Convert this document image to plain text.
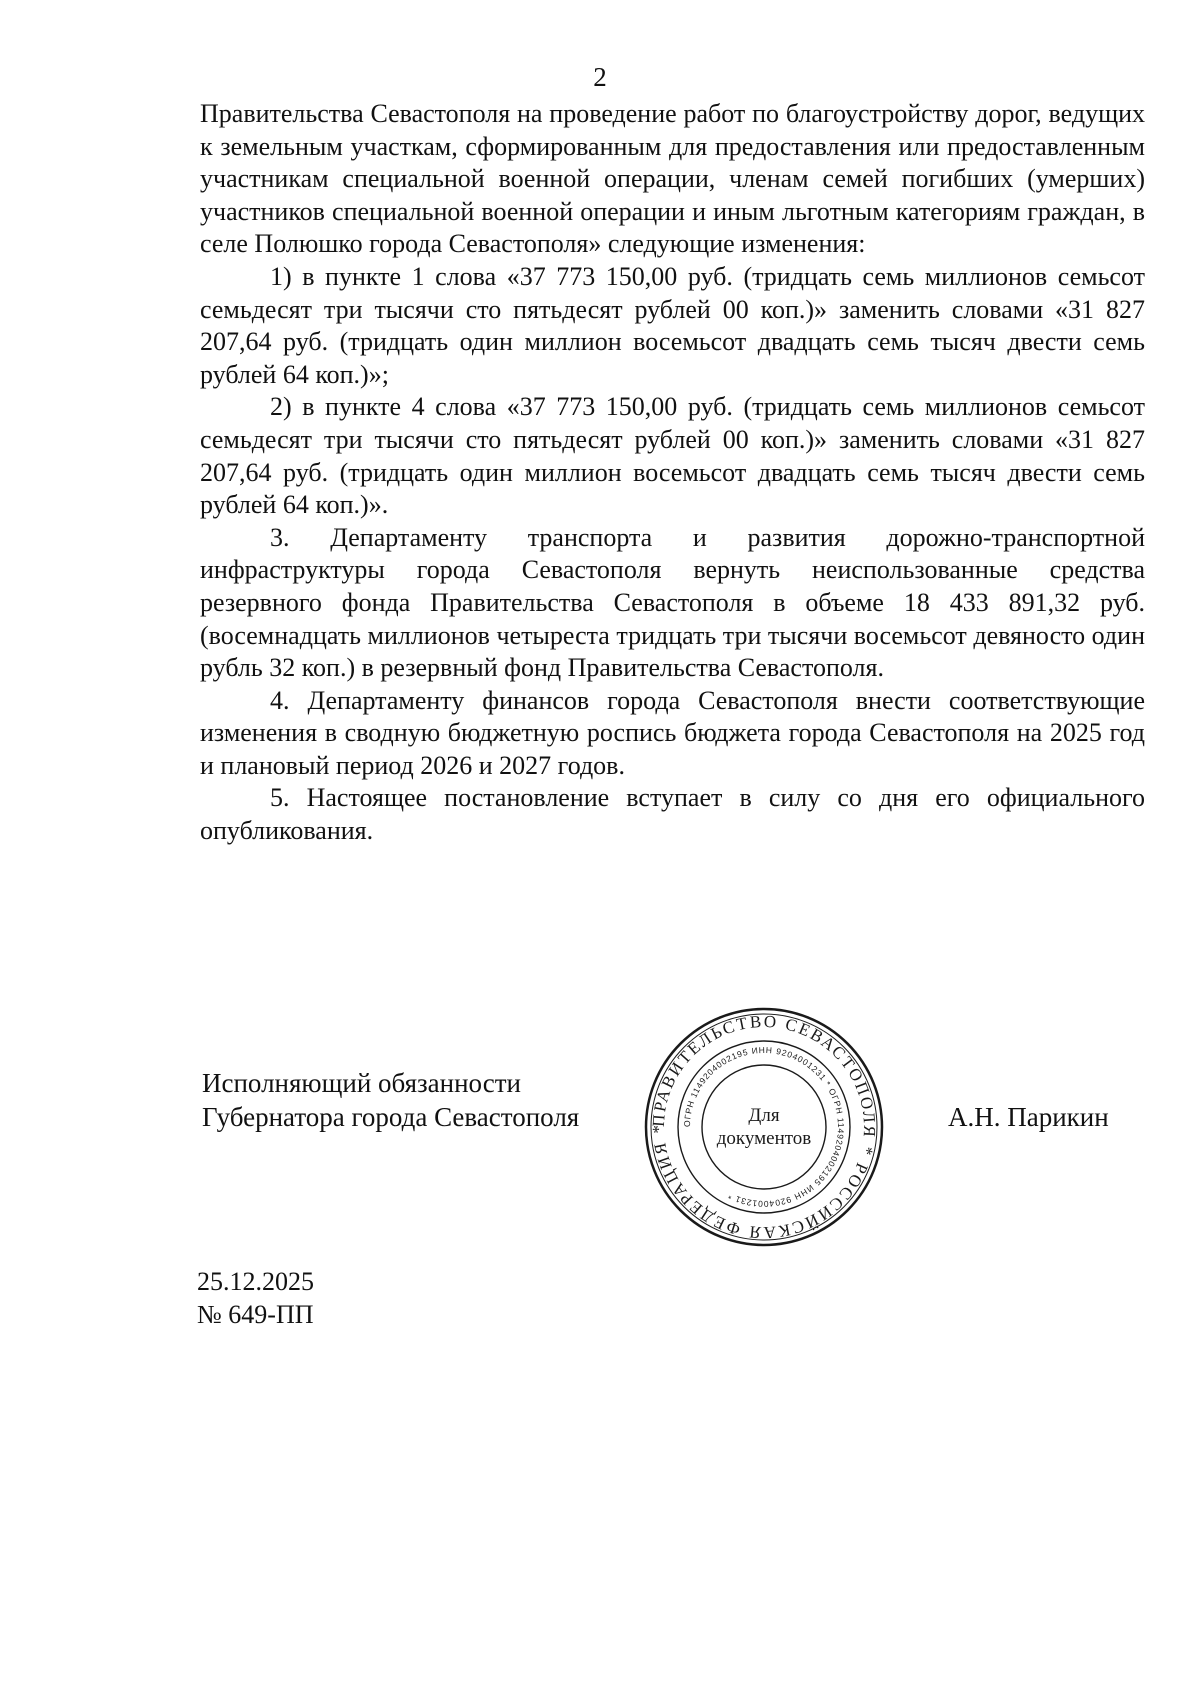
2

Правительства Севастополя на проведение работ по благоустройству дорог, ведущих к земельным участкам, сформированным для предоставления или предоставленным участникам специальной военной операции, членам семей погибших (умерших) участников специальной военной операции и иным льготным категориям граждан, в селе Полюшко города Севастополя» следующие изменения:

1) в пункте 1 слова «37 773 150,00 руб. (тридцать семь миллионов семьсот семьдесят три тысячи сто пятьдесят рублей 00 коп.)» заменить словами «31 827 207,64 руб. (тридцать один миллион восемьсот двадцать семь тысяч двести семь рублей 64 коп.)»;

2) в пункте 4 слова «37 773 150,00 руб. (тридцать семь миллионов семьсот семьдесят три тысячи сто пятьдесят рублей 00 коп.)» заменить словами «31 827 207,64 руб. (тридцать один миллион восемьсот двадцать семь тысяч двести семь рублей 64 коп.)».

3. Департаменту транспорта и развития дорожно-транспортной инфраструктуры города Севастополя вернуть неиспользованные средства резервного фонда Правительства Севастополя в объеме 18 433 891,32 руб. (восемнадцать миллионов четыреста тридцать три тысячи восемьсот девяносто один рубль 32 коп.) в резервный фонд Правительства Севастополя.

4. Департаменту финансов города Севастополя внести соответствующие изменения в сводную бюджетную роспись бюджета города Севастополя на 2025 год и плановый период 2026 и 2027 годов.

5. Настоящее постановление вступает в силу со дня его официального опубликования.

Исполняющий обязанности
Губернатора города Севастополя	А.Н. Парикин
ПРАВИТЕЛЬСТВО СЕВАСТОПОЛЯ * РОССИЙСКАЯ ФЕДЕРАЦИЯ *	ОГРН 1149204002195 ИНН 9204001231 * ОГРН 1149204002195 ИНН 9204001231 *
Для
документов
25.12.2025
№ 649-ПП
